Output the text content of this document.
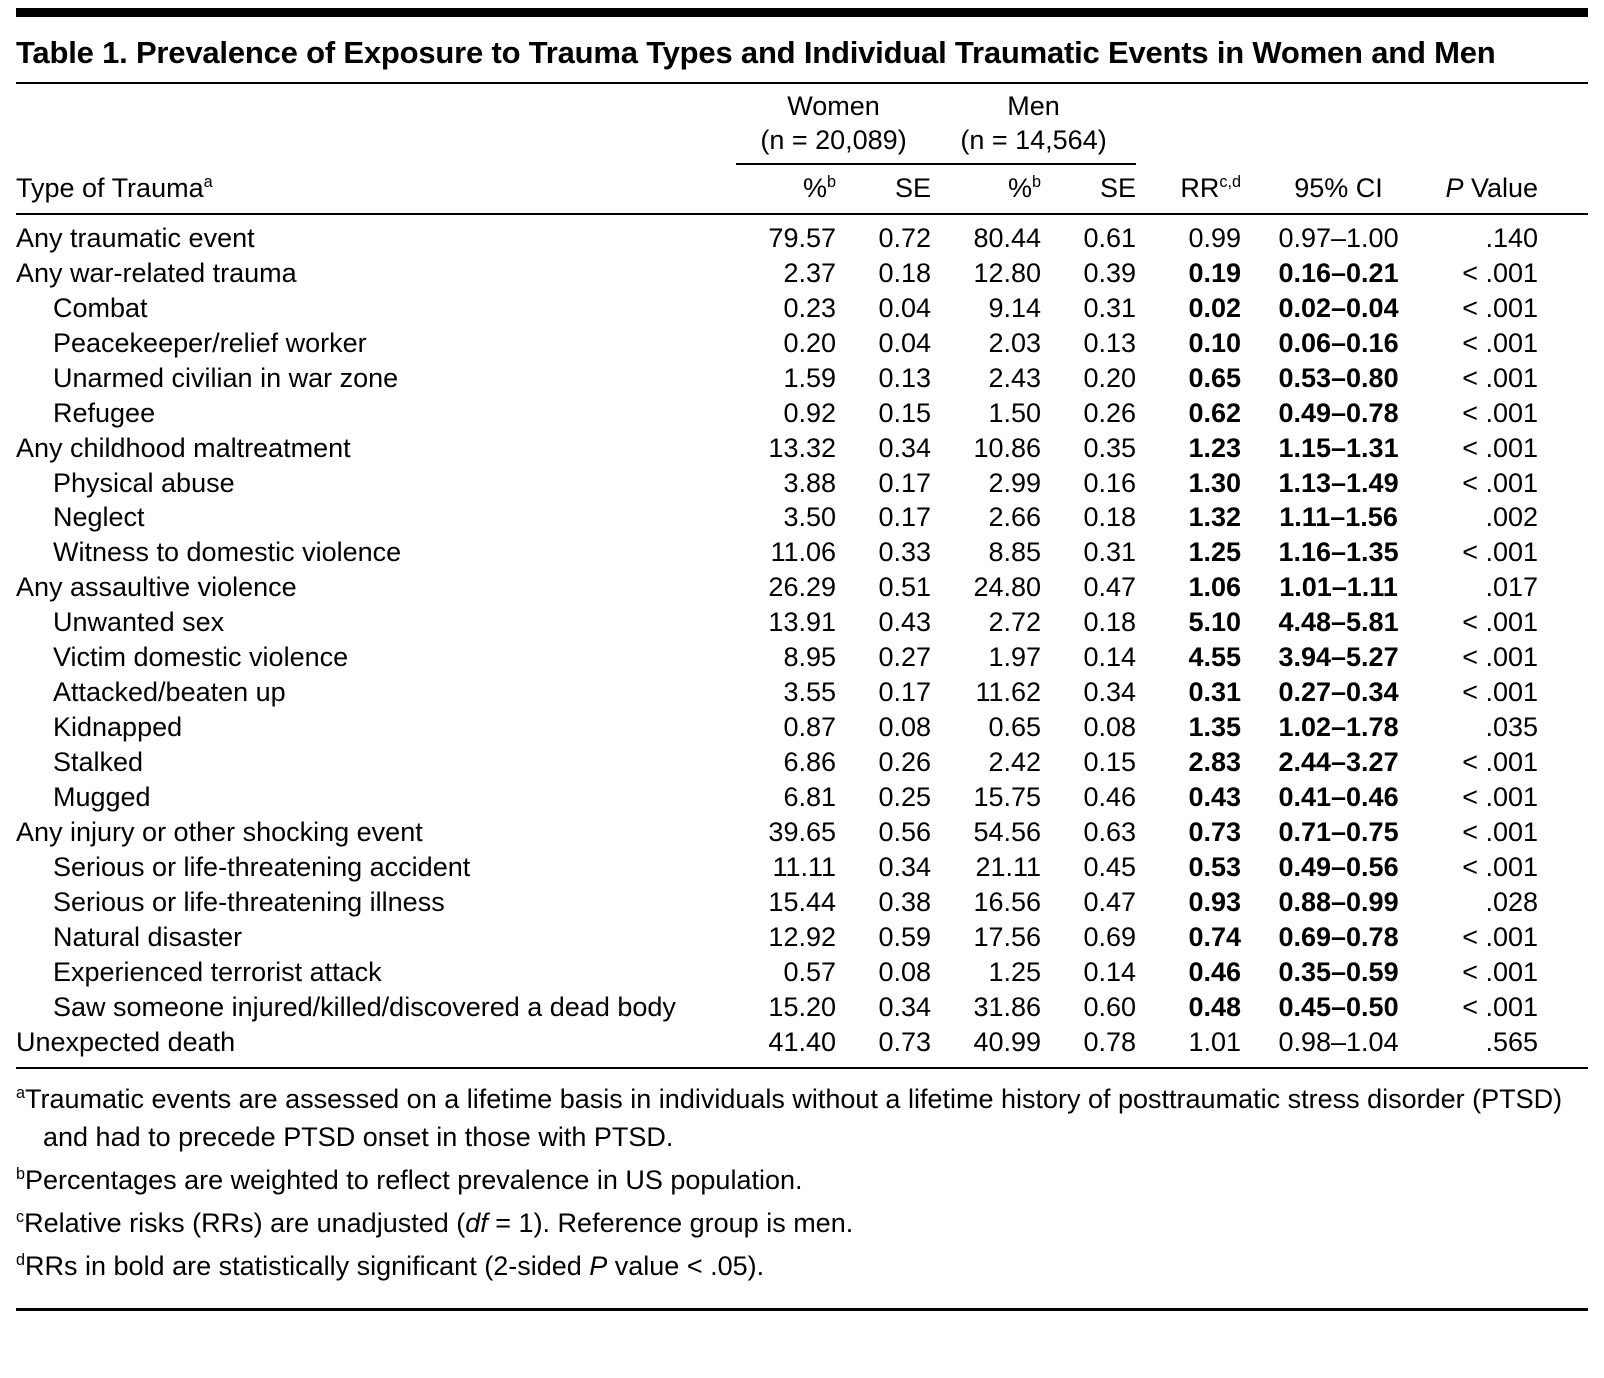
Table 1. Prevalence of Exposure to Trauma Types and Individual Traumatic Events in Women and Men

Women
(n = 20,089)

Men
(n = 14,564)

Type of Trauma$^a$	%$^b$	SE	%$^b$	SE	RR$^{c,d}$	95% CI	P Value
Any traumatic event	79.57	0.72	80.44	0.61	0.99	0.97–1.00	.140
Any war-related trauma	2.37	0.18	12.80	0.39	0.19	0.16–0.21	< .001
Combat	0.23	0.04	9.14	0.31	0.02	0.02–0.04	< .001
Peacekeeper/relief worker	0.20	0.04	2.03	0.13	0.10	0.06–0.16	< .001
Unarmed civilian in war zone	1.59	0.13	2.43	0.20	0.65	0.53–0.80	< .001
Refugee	0.92	0.15	1.50	0.26	0.62	0.49–0.78	< .001
Any childhood maltreatment	13.32	0.34	10.86	0.35	1.23	1.15–1.31	< .001
Physical abuse	3.88	0.17	2.99	0.16	1.30	1.13–1.49	< .001
Neglect	3.50	0.17	2.66	0.18	1.32	1.11–1.56	.002
Witness to domestic violence	11.06	0.33	8.85	0.31	1.25	1.16–1.35	< .001
Any assaultive violence	26.29	0.51	24.80	0.47	1.06	1.01–1.11	.017
Unwanted sex	13.91	0.43	2.72	0.18	5.10	4.48–5.81	< .001
Victim domestic violence	8.95	0.27	1.97	0.14	4.55	3.94–5.27	< .001
Attacked/beaten up	3.55	0.17	11.62	0.34	0.31	0.27–0.34	< .001
Kidnapped	0.87	0.08	0.65	0.08	1.35	1.02–1.78	.035
Stalked	6.86	0.26	2.42	0.15	2.83	2.44–3.27	< .001
Mugged	6.81	0.25	15.75	0.46	0.43	0.41–0.46	< .001
Any injury or other shocking event	39.65	0.56	54.56	0.63	0.73	0.71–0.75	< .001
Serious or life-threatening accident	11.11	0.34	21.11	0.45	0.53	0.49–0.56	< .001
Serious or life-threatening illness	15.44	0.38	16.56	0.47	0.93	0.88–0.99	.028
Natural disaster	12.92	0.59	17.56	0.69	0.74	0.69–0.78	< .001
Experienced terrorist attack	0.57	0.08	1.25	0.14	0.46	0.35–0.59	< .001
Saw someone injured/killed/discovered a dead body	15.20	0.34	31.86	0.60	0.48	0.45–0.50	< .001
Unexpected death	41.40	0.73	40.99	0.78	1.01	0.98–1.04	.565
$^a$Traumatic events are assessed on a lifetime basis in individuals without a lifetime history of posttraumatic stress disorder (PTSD) and had to precede PTSD onset in those with PTSD.
$^b$Percentages are weighted to reflect prevalence in US population.
$^c$Relative risks (RRs) are unadjusted (df = 1). Reference group is men.
$^d$RRs in bold are statistically significant (2-sided P value < .05).
